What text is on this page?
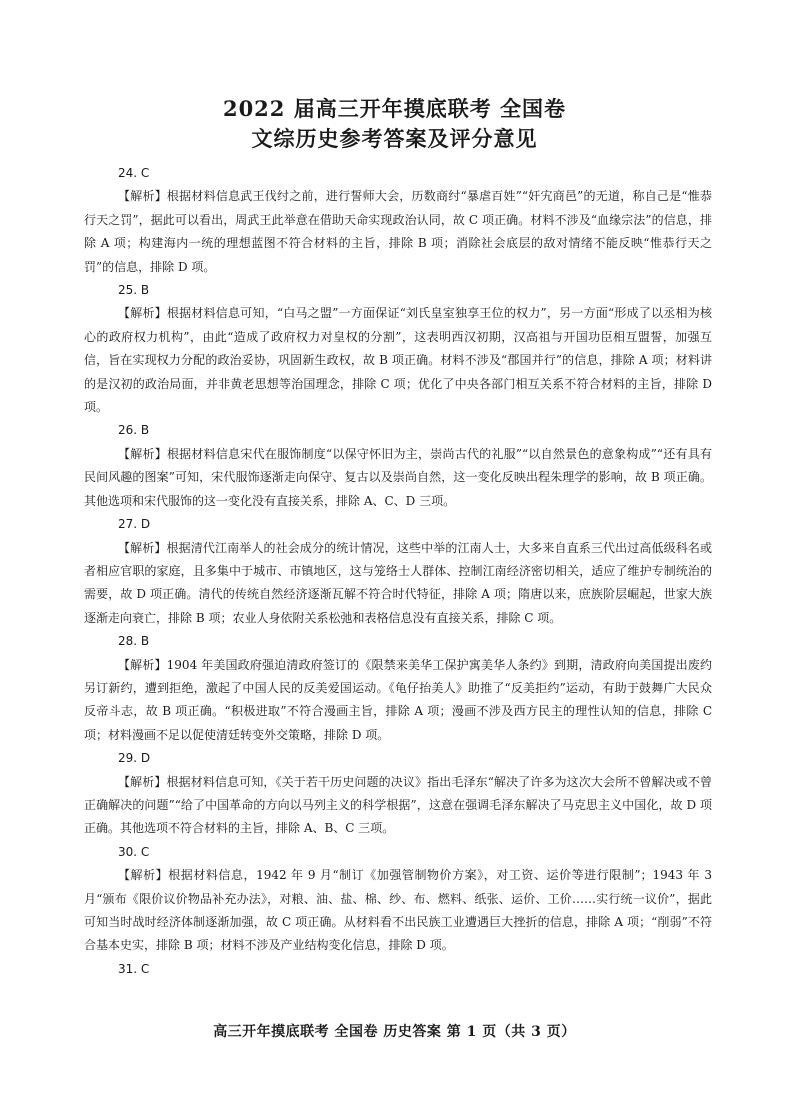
2022 届高三开年摸底联考 全国卷
文综历史参考答案及评分意见

24. C

【解析】根据材料信息武王伐纣之前，进行誓师大会，历数商纣“暴虐百姓”“奸宄商邑”的无道，称自己是“惟恭行天之罚”，据此可以看出，周武王此举意在借助天命实现政治认同，故 C 项正确。材料不涉及“血缘宗法”的信息，排除 A 项；构建海内一统的理想蓝图不符合材料的主旨，排除 B 项；消除社会底层的敌对情绪不能反映“惟恭行天之罚”的信息，排除 D 项。

25. B

【解析】根据材料信息可知，“白马之盟”一方面保证“刘氏皇室独享王位的权力”，另一方面“形成了以丞相为核心的政府权力机构”，由此“造成了政府权力对皇权的分割”，这表明西汉初期，汉高祖与开国功臣相互盟誓，加强互信，旨在实现权力分配的政治妥协，巩固新生政权，故 B 项正确。材料不涉及“郡国并行”的信息，排除 A 项；材料讲的是汉初的政治局面，并非黄老思想等治国理念，排除 C 项；优化了中央各部门相互关系不符合材料的主旨，排除 D 项。

26. B

【解析】根据材料信息宋代在服饰制度“以保守怀旧为主，崇尚古代的礼服”“以自然景色的意象构成”“还有具有民间风趣的图案”可知，宋代服饰逐渐走向保守、复古以及崇尚自然，这一变化反映出程朱理学的影响，故 B 项正确。其他选项和宋代服饰的这一变化没有直接关系，排除 A、C、D 三项。

27. D

【解析】根据清代江南举人的社会成分的统计情况，这些中举的江南人士，大多来自直系三代出过高低级科名或者相应官职的家庭，且多集中于城市、市镇地区，这与笼络士人群体、控制江南经济密切相关，适应了维护专制统治的需要，故 D 项正确。清代的传统自然经济逐渐瓦解不符合时代特征，排除 A 项；隋唐以来，庶族阶层崛起，世家大族逐渐走向衰亡，排除 B 项；农业人身依附关系松弛和表格信息没有直接关系，排除 C 项。

28. B

【解析】1904 年美国政府强迫清政府签订的《限禁来美华工保护寓美华人条约》到期，清政府向美国提出废约另订新约，遭到拒绝，激起了中国人民的反美爱国运动。《龟仔抬美人》助推了“反美拒约”运动，有助于鼓舞广大民众反帝斗志，故 B 项正确。“积极进取”不符合漫画主旨，排除 A 项；漫画不涉及西方民主的理性认知的信息，排除 C 项；材料漫画不足以促使清廷转变外交策略，排除 D 项。

29. D

【解析】根据材料信息可知，《关于若干历史问题的决议》指出毛泽东“解决了许多为这次大会所不曾解决或不曾正确解决的问题”“给了中国革命的方向以马列主义的科学根据”，这意在强调毛泽东解决了马克思主义中国化，故 D 项正确。其他选项不符合材料的主旨，排除 A、B、C 三项。

30. C

【解析】根据材料信息，1942 年 9 月“制订《加强管制物价方案》，对工资、运价等进行限制”；1943 年 3 月“颁布《限价议价物品补充办法》，对粮、油、盐、棉、纱、布、燃料、纸张、运价、工价……实行统一议价”，据此可知当时战时经济体制逐渐加强，故 C 项正确。从材料看不出民族工业遭遇巨大挫折的信息，排除 A 项；“削弱”不符合基本史实，排除 B 项；材料不涉及产业结构变化信息，排除 D 项。

31. C

高三开年摸底联考 全国卷 历史答案 第 1 页（共 3 页）
